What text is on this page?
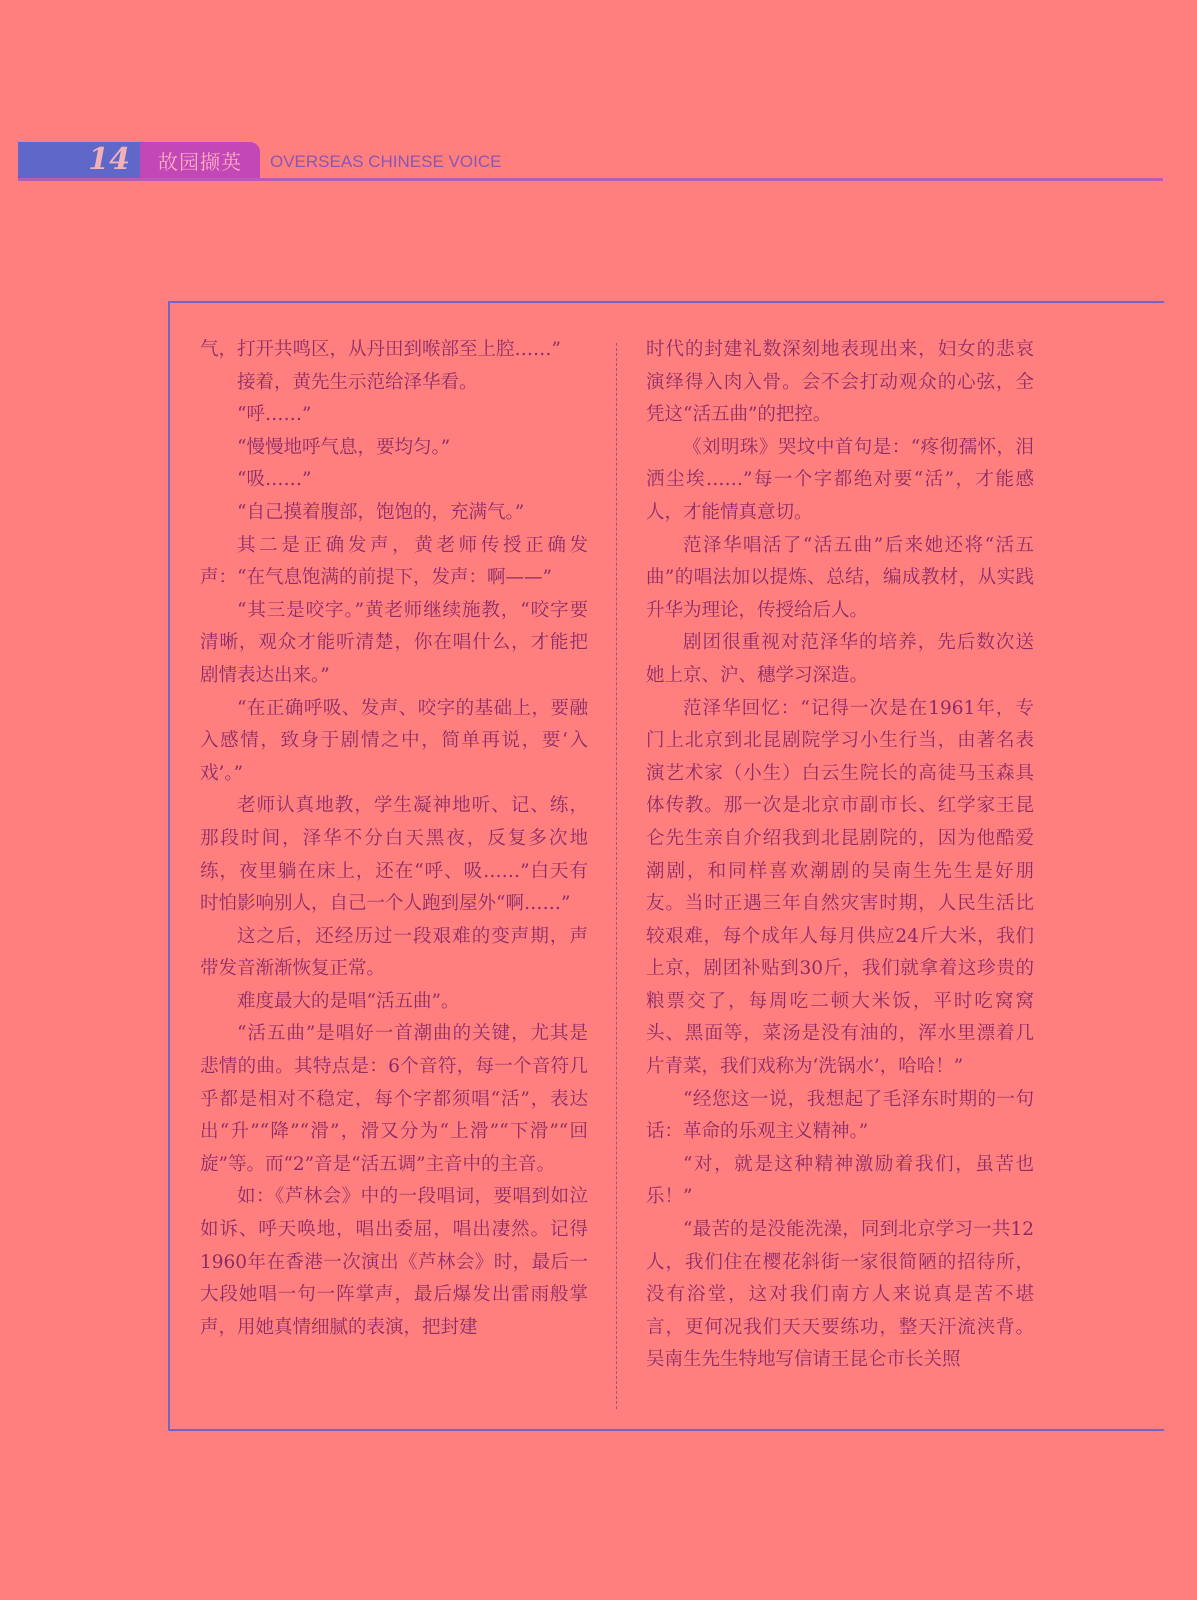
14 故园撷英 OVERSEAS CHINESE VOICE

气，打开共鸣区，从丹田到喉部至上腔……”

接着，黄先生示范给泽华看。

“呼……”

“慢慢地呼气息，要均匀。”

“吸……”

“自己摸着腹部，饱饱的，充满气。”

其二是正确发声，黄老师传授正确发声：“在气息饱满的前提下，发声：啊——”

“其三是咬字。”黄老师继续施教，“咬字要清晰，观众才能听清楚，你在唱什么，才能把剧情表达出来。”

“在正确呼吸、发声、咬字的基础上，要融入感情，致身于剧情之中，简单再说，要‘入戏’。”

老师认真地教，学生凝神地听、记、练，那段时间，泽华不分白天黑夜，反复多次地练，夜里躺在床上，还在“呼、吸……”白天有时怕影响别人，自己一个人跑到屋外“啊……”

这之后，还经历过一段艰难的变声期，声带发音渐渐恢复正常。

难度最大的是唱“活五曲”。

“活五曲”是唱好一首潮曲的关键，尤其是悲情的曲。其特点是：6个音符，每一个音符几乎都是相对不稳定，每个字都须唱“活”，表达出“升”“降”“滑”，滑又分为“上滑”“下滑”“回旋”等。而“2”音是“活五调”主音中的主音。

如：《芦林会》中的一段唱词，要唱到如泣如诉、呼天唤地，唱出委屈，唱出凄然。记得1960年在香港一次演出《芦林会》时，最后一大段她唱一句一阵掌声，最后爆发出雷雨般掌声，用她真情细腻的表演，把封建

时代的封建礼数深刻地表现出来，妇女的悲哀演绎得入肉入骨。会不会打动观众的心弦，全凭这“活五曲”的把控。

《刘明珠》哭坟中首句是：“疼彻孺怀，泪洒尘埃……”每一个字都绝对要“活”，才能感人，才能情真意切。

范泽华唱活了“活五曲”后来她还将“活五曲”的唱法加以提炼、总结，编成教材，从实践升华为理论，传授给后人。

剧团很重视对范泽华的培养，先后数次送她上京、沪、穗学习深造。

范泽华回忆：“记得一次是在1961年，专门上北京到北昆剧院学习小生行当，由著名表演艺术家（小生）白云生院长的高徒马玉森具体传教。那一次是北京市副市长、红学家王昆仑先生亲自介绍我到北昆剧院的，因为他酷爱潮剧，和同样喜欢潮剧的吴南生先生是好朋友。当时正遇三年自然灾害时期，人民生活比较艰难，每个成年人每月供应24斤大米，我们上京，剧团补贴到30斤，我们就拿着这珍贵的粮票交了，每周吃二顿大米饭，平时吃窝窝头、黑面等，菜汤是没有油的，浑水里漂着几片青菜，我们戏称为‘洗锅水’，哈哈！”

“经您这一说，我想起了毛泽东时期的一句话：革命的乐观主义精神。”

“对，就是这种精神激励着我们，虽苦也乐！”

“最苦的是没能洗澡，同到北京学习一共12人，我们住在樱花斜街一家很简陋的招待所，没有浴堂，这对我们南方人来说真是苦不堪言，更何况我们天天要练功，整天汗流浃背。吴南生先生特地写信请王昆仑市长关照
